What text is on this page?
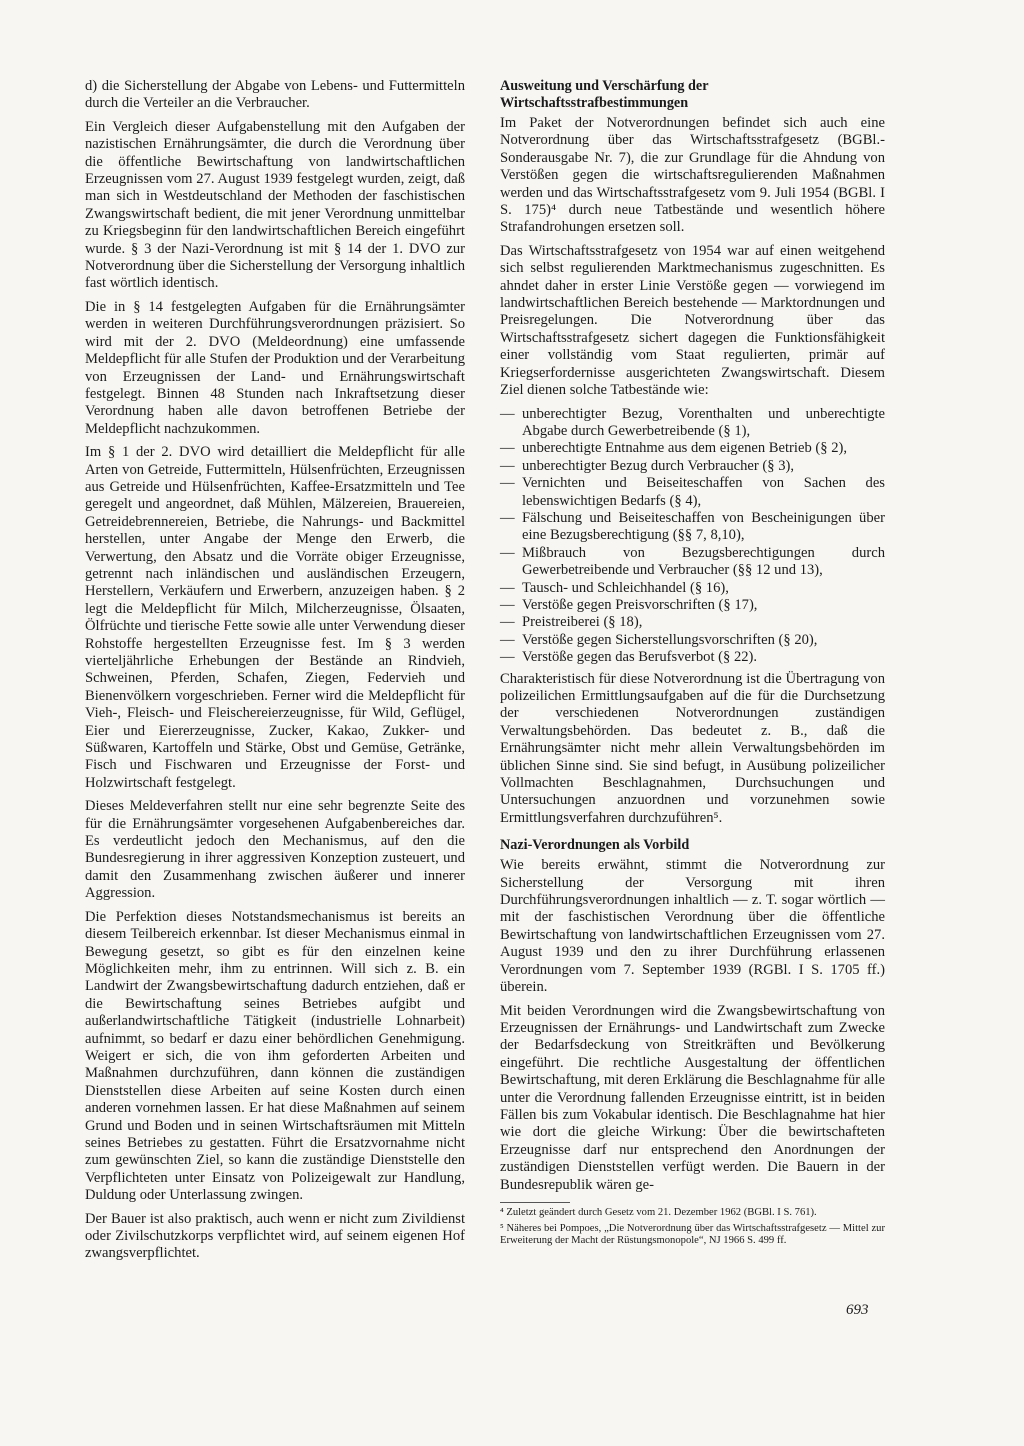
d) die Sicherstellung der Abgabe von Lebens- und Futtermitteln durch die Verteiler an die Verbraucher.

Ein Vergleich dieser Aufgabenstellung mit den Aufgaben der nazistischen Ernährungsämter, die durch die Verordnung über die öffentliche Bewirtschaftung von landwirtschaftlichen Erzeugnissen vom 27. August 1939 festgelegt wurden, zeigt, daß man sich in Westdeutschland der Methoden der faschistischen Zwangswirtschaft bedient, die mit jener Verordnung unmittelbar zu Kriegsbeginn für den landwirtschaftlichen Bereich eingeführt wurde. § 3 der Nazi-Verordnung ist mit § 14 der 1. DVO zur Notverordnung über die Sicherstellung der Versorgung inhaltlich fast wörtlich identisch.

Die in § 14 festgelegten Aufgaben für die Ernährungsämter werden in weiteren Durchführungsverordnungen präzisiert. So wird mit der 2. DVO (Meldeordnung) eine umfassende Meldepflicht für alle Stufen der Produktion und der Verarbeitung von Erzeugnissen der Land- und Ernährungswirtschaft festgelegt. Binnen 48 Stunden nach Inkraftsetzung dieser Verordnung haben alle davon betroffenen Betriebe der Meldepflicht nachzukommen.

Im § 1 der 2. DVO wird detailliert die Meldepflicht für alle Arten von Getreide, Futtermitteln, Hülsenfrüchten, Erzeugnissen aus Getreide und Hülsenfrüchten, Kaffee-Ersatzmitteln und Tee geregelt und angeordnet, daß Mühlen, Mälzereien, Brauereien, Getreidebrennereien, Betriebe, die Nahrungs- und Backmittel herstellen, unter Angabe der Menge den Erwerb, die Verwertung, den Absatz und die Vorräte obiger Erzeugnisse, getrennt nach inländischen und ausländischen Erzeugern, Herstellern, Verkäufern und Erwerbern, anzuzeigen haben. § 2 legt die Meldepflicht für Milch, Milcherzeugnisse, Ölsaaten, Ölfrüchte und tierische Fette sowie alle unter Verwendung dieser Rohstoffe hergestellten Erzeugnisse fest. Im § 3 werden vierteljährliche Erhebungen der Bestände an Rindvieh, Schweinen, Pferden, Schafen, Ziegen, Federvieh und Bienenvölkern vorgeschrieben. Ferner wird die Meldepflicht für Vieh-, Fleisch- und Fleischereierzeugnisse, für Wild, Geflügel, Eier und Eiererzeugnisse, Zucker, Kakao, Zukker- und Süßwaren, Kartoffeln und Stärke, Obst und Gemüse, Getränke, Fisch und Fischwaren und Erzeugnisse der Forst- und Holzwirtschaft festgelegt.

Dieses Meldeverfahren stellt nur eine sehr begrenzte Seite des für die Ernährungsämter vorgesehenen Aufgabenbereiches dar. Es verdeutlicht jedoch den Mechanismus, auf den die Bundesregierung in ihrer aggressiven Konzeption zusteuert, und damit den Zusammenhang zwischen äußerer und innerer Aggression.

Die Perfektion dieses Notstandsmechanismus ist bereits an diesem Teilbereich erkennbar. Ist dieser Mechanismus einmal in Bewegung gesetzt, so gibt es für den einzelnen keine Möglichkeiten mehr, ihm zu entrinnen. Will sich z. B. ein Landwirt der Zwangsbewirtschaftung dadurch entziehen, daß er die Bewirtschaftung seines Betriebes aufgibt und außerlandwirtschaftliche Tätigkeit (industrielle Lohnarbeit) aufnimmt, so bedarf er dazu einer behördlichen Genehmigung. Weigert er sich, die von ihm geforderten Arbeiten und Maßnahmen durchzuführen, dann können die zuständigen Dienststellen diese Arbeiten auf seine Kosten durch einen anderen vornehmen lassen. Er hat diese Maßnahmen auf seinem Grund und Boden und in seinen Wirtschaftsräumen mit Mitteln seines Betriebes zu gestatten. Führt die Ersatzvornahme nicht zum gewünschten Ziel, so kann die zuständige Dienststelle den Verpflichteten unter Einsatz von Polizeigewalt zur Handlung, Duldung oder Unterlassung zwingen.

Der Bauer ist also praktisch, auch wenn er nicht zum Zivildienst oder Zivilschutzkorps verpflichtet wird, auf seinem eigenen Hof zwangsverpflichtet.

Ausweitung und Verschärfung der Wirtschaftsstrafbestimmungen

Im Paket der Notverordnungen befindet sich auch eine Notverordnung über das Wirtschaftsstrafgesetz (BGBl.-Sonderausgabe Nr. 7), die zur Grundlage für die Ahndung von Verstößen gegen die wirtschaftsregulierenden Maßnahmen werden und das Wirtschaftsstrafgesetz vom 9. Juli 1954 (BGBl. I S. 175)⁴ durch neue Tatbestände und wesentlich höhere Strafandrohungen ersetzen soll.

Das Wirtschaftsstrafgesetz von 1954 war auf einen weitgehend sich selbst regulierenden Marktmechanismus zugeschnitten. Es ahndet daher in erster Linie Verstöße gegen — vorwiegend im landwirtschaftlichen Bereich bestehende — Marktordnungen und Preisregelungen. Die Notverordnung über das Wirtschaftsstrafgesetz sichert dagegen die Funktionsfähigkeit einer vollständig vom Staat regulierten, primär auf Kriegserfordernisse ausgerichteten Zwangswirtschaft. Diesem Ziel dienen solche Tatbestände wie:

— unberechtigter Bezug, Vorenthalten und unberechtigte Abgabe durch Gewerbetreibende (§ 1),
— unberechtigte Entnahme aus dem eigenen Betrieb (§ 2),
— unberechtigter Bezug durch Verbraucher (§ 3),
— Vernichten und Beiseiteschaffen von Sachen des lebenswichtigen Bedarfs (§ 4),
— Fälschung und Beiseiteschaffen von Bescheinigungen über eine Bezugsberechtigung (§§ 7, 8,10),
— Mißbrauch von Bezugsberechtigungen durch Gewerbetreibende und Verbraucher (§§ 12 und 13),
— Tausch- und Schleichhandel (§ 16),
— Verstöße gegen Preisvorschriften (§ 17),
— Preistreiberei (§ 18),
— Verstöße gegen Sicherstellungsvorschriften (§ 20),
— Verstöße gegen das Berufsverbot (§ 22).

Charakteristisch für diese Notverordnung ist die Übertragung von polizeilichen Ermittlungsaufgaben auf die für die Durchsetzung der verschiedenen Notverordnungen zuständigen Verwaltungsbehörden. Das bedeutet z. B., daß die Ernährungsämter nicht mehr allein Verwaltungsbehörden im üblichen Sinne sind. Sie sind befugt, in Ausübung polizeilicher Vollmachten Beschlagnahmen, Durchsuchungen und Untersuchungen anzuordnen und vorzunehmen sowie Ermittlungsverfahren durchzuführen⁵.

Nazi-Verordnungen als Vorbild

Wie bereits erwähnt, stimmt die Notverordnung zur Sicherstellung der Versorgung mit ihren Durchführungsverordnungen inhaltlich — z. T. sogar wörtlich — mit der faschistischen Verordnung über die öffentliche Bewirtschaftung von landwirtschaftlichen Erzeugnissen vom 27. August 1939 und den zu ihrer Durchführung erlassenen Verordnungen vom 7. September 1939 (RGBl. I S. 1705 ff.) überein.

Mit beiden Verordnungen wird die Zwangsbewirtschaftung von Erzeugnissen der Ernährungs- und Landwirtschaft zum Zwecke der Bedarfsdeckung von Streitkräften und Bevölkerung eingeführt. Die rechtliche Ausgestaltung der öffentlichen Bewirtschaftung, mit deren Erklärung die Beschlagnahme für alle unter die Verordnung fallenden Erzeugnisse eintritt, ist in beiden Fällen bis zum Vokabular identisch. Die Beschlagnahme hat hier wie dort die gleiche Wirkung: Über die bewirtschafteten Erzeugnisse darf nur entsprechend den Anordnungen der zuständigen Dienststellen verfügt werden. Die Bauern in der Bundesrepublik wären ge-

⁴ Zuletzt geändert durch Gesetz vom 21. Dezember 1962 (BGBl. I S. 761).

⁵ Näheres bei Pompoes, „Die Notverordnung über das Wirtschaftsstrafgesetz — Mittel zur Erweiterung der Macht der Rüstungsmonopole“, NJ 1966 S. 499 ff.

693
